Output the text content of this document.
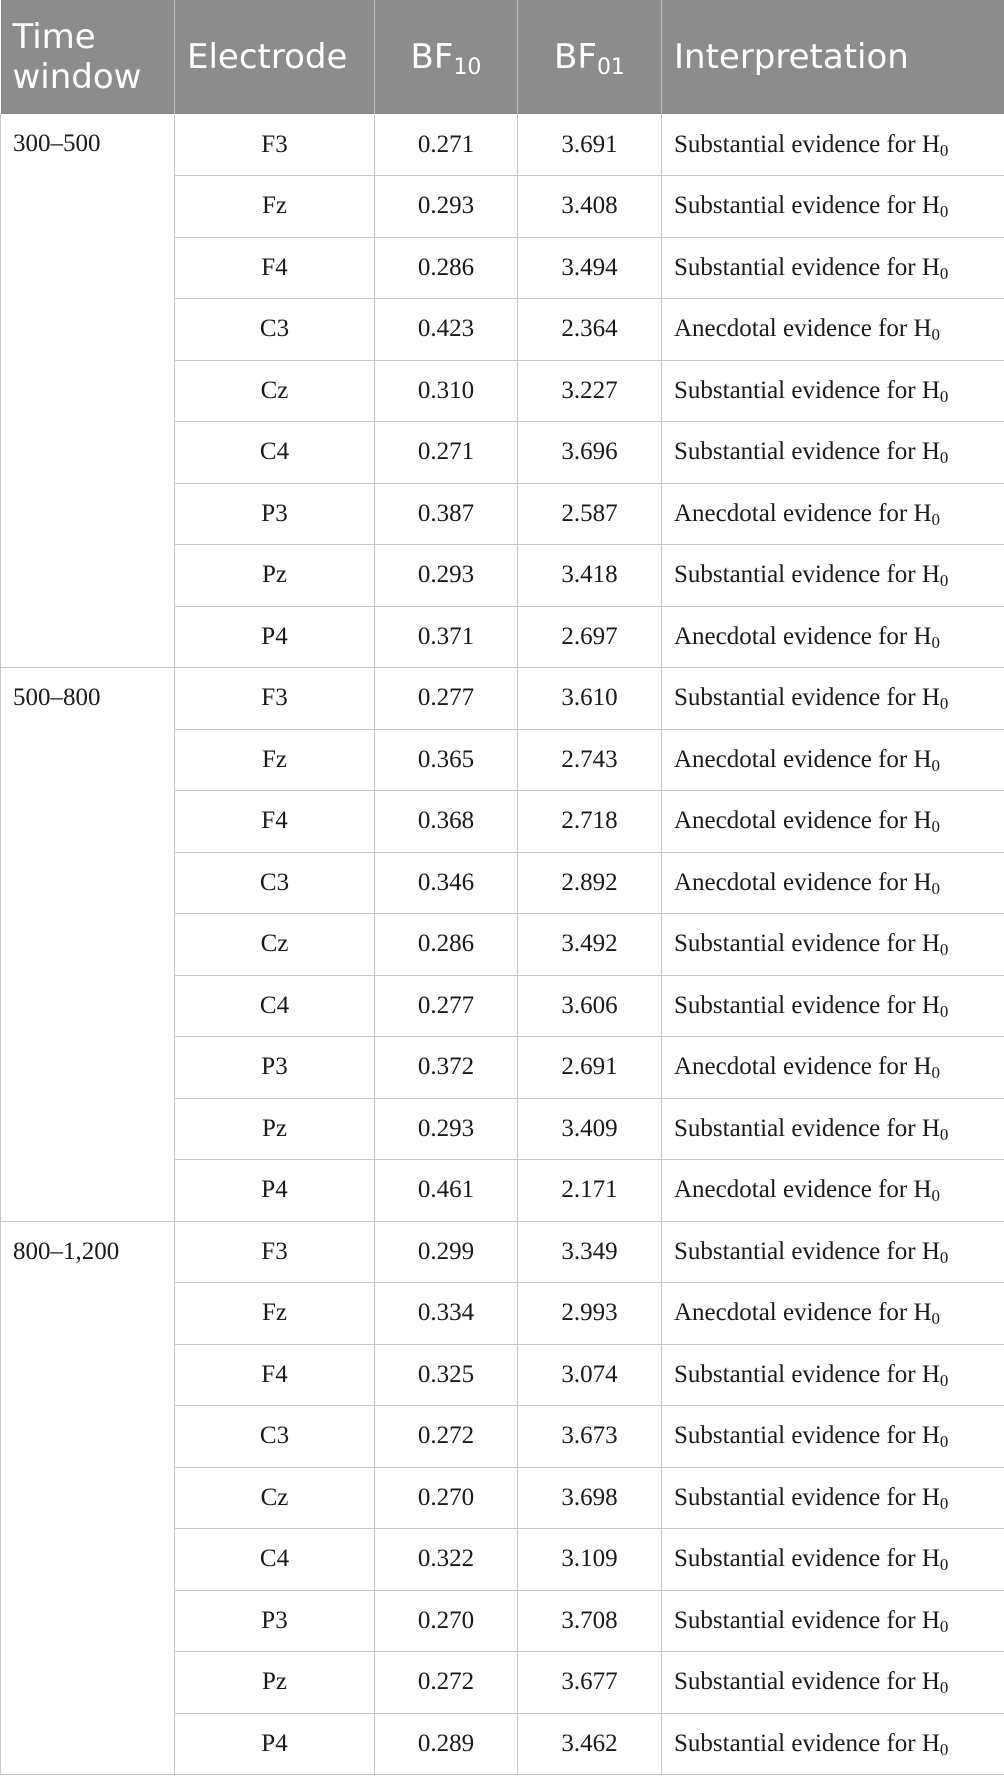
Time window	Electrode	$BF_{10}$	$BF_{01}$	Interpretation
300–500	F3	0.271	3.691	Substantial evidence for $H_0$
	Fz	0.293	3.408	Substantial evidence for $H_0$
	F4	0.286	3.494	Substantial evidence for $H_0$
	C3	0.423	2.364	Anecdotal evidence for $H_0$
	Cz	0.310	3.227	Substantial evidence for $H_0$
	C4	0.271	3.696	Substantial evidence for $H_0$
	P3	0.387	2.587	Anecdotal evidence for $H_0$
	Pz	0.293	3.418	Substantial evidence for $H_0$
	P4	0.371	2.697	Anecdotal evidence for $H_0$
500–800	F3	0.277	3.610	Substantial evidence for $H_0$
	Fz	0.365	2.743	Anecdotal evidence for $H_0$
	F4	0.368	2.718	Anecdotal evidence for $H_0$
	C3	0.346	2.892	Anecdotal evidence for $H_0$
	Cz	0.286	3.492	Substantial evidence for $H_0$
	C4	0.277	3.606	Substantial evidence for $H_0$
	P3	0.372	2.691	Anecdotal evidence for $H_0$
	Pz	0.293	3.409	Substantial evidence for $H_0$
	P4	0.461	2.171	Anecdotal evidence for $H_0$
800–1,200	F3	0.299	3.349	Substantial evidence for $H_0$
	Fz	0.334	2.993	Anecdotal evidence for $H_0$
	F4	0.325	3.074	Substantial evidence for $H_0$
	C3	0.272	3.673	Substantial evidence for $H_0$
	Cz	0.270	3.698	Substantial evidence for $H_0$
	C4	0.322	3.109	Substantial evidence for $H_0$
	P3	0.270	3.708	Substantial evidence for $H_0$
	Pz	0.272	3.677	Substantial evidence for $H_0$
	P4	0.289	3.462	Substantial evidence for $H_0$
